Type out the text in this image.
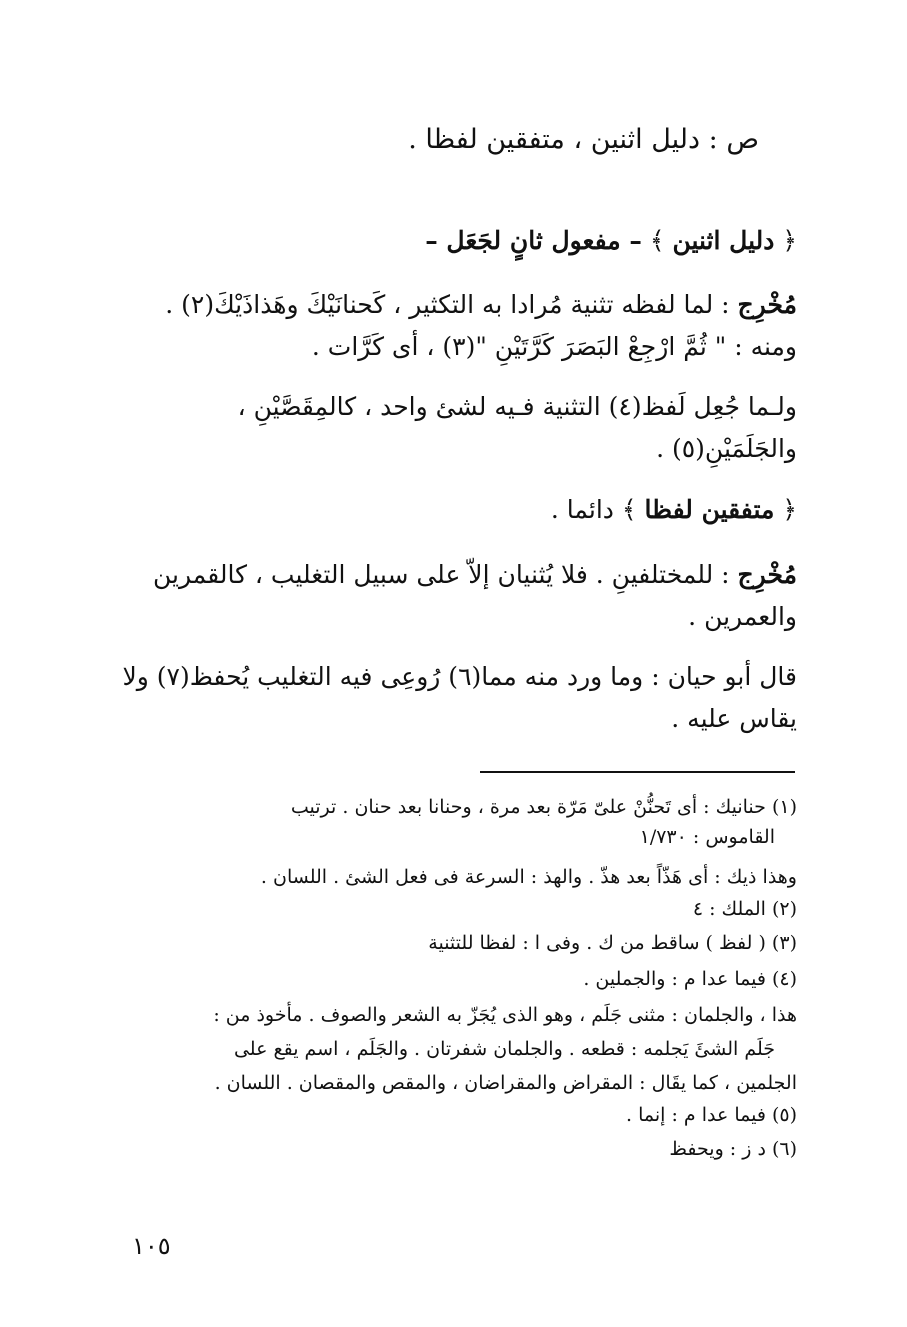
ص : دليل اثنين ، متفقين لفظا .
﴿ دليل اثنين ﴾ – مفعول ثانٍ لجَعَل –
مُخْرِج : لما لفظه تثنية مُرادا به التكثير ، كَحنانَيْكَ وهَذاذَيْكَ(٢) .
ومنه : " ثُمَّ ارْجِعْ البَصَرَ كَرَّتَيْنِ "(٣) ، أى كَرَّات .
ولـما جُعِل لَفظ(٤) التثنية فـيه لشئ واحد ، كالمِقَصَّيْنِ ،
والجَلَمَيْنِ(٥) .
﴿ متفقين لفظا ﴾ دائما .
مُخْرِج : للمختلفينِ . فلا يُثنيان إلاّ على سبيل التغليب ، كالقمرين
والعمرين .
قال أبو حيان : وما ورد منه مما(٦) رُوعِى فيه التغليب يُحفظ(٧) ولا
يقاس عليه .
(١) حنانيك : أى تَحنُّنْ علىّ مَرّة بعد مرة ، وحنانا بعد حنان . ترتيب
القاموس : ١/٧٣٠
وهذا ذيك : أى هَذّاً بعد هذّ . والهذ : السرعة فى فعل الشئ . اللسان .
(٢) الملك : ٤
(٣) ( لفظ ) ساقط من ك . وفى ا : لفظا للتثنية
(٤) فيما عدا م : والجملين .
هذا ، والجلمان : مثنى جَلَم ، وهو الذى يُجَزّ به الشعر والصوف . مأخوذ من :
جَلَم الشئَ يَجلمه : قطعه . والجلمان شفرتان . والجَلَم ، اسم يقع على
الجلمين ، كما يقَال : المقراض والمقراضان ، والمقص والمقصان . اللسان .
(٥) فيما عدا م : إنما .
(٦) د ز : ويحفظ
١٠٥
